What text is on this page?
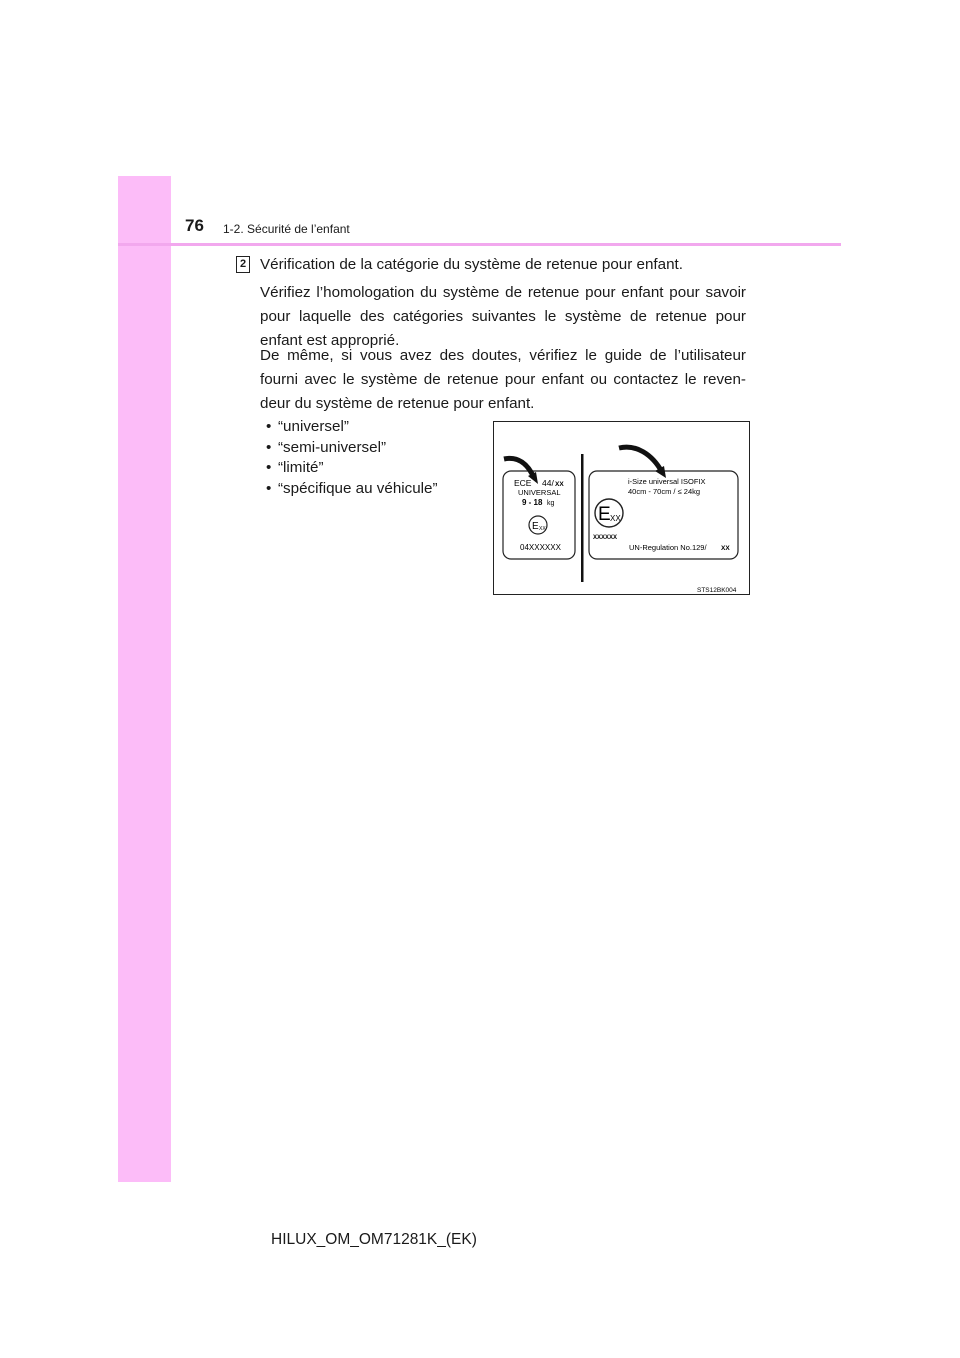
76 1-2. Sécurité de l’enfant
2 Vérification de la catégorie du système de retenue pour enfant.

Vérifiez l’homologation du système de retenue pour enfant pour savoir pour laquelle des catégories suivantes le système de retenue pour enfant est approprié.

De même, si vous avez des doutes, vérifiez le guide de l’utilisateur fourni avec le système de retenue pour enfant ou contactez le reven-deur du système de retenue pour enfant.

• “universel”
• “semi-universel”
• “limité”
• “spécifique au véhicule”	ECE 44/ XX
UNIVERSAL
9 - 18 kg
E XX
04XXXXXX
i-Size universal ISOFIX
40cm - 70cm / ≤ 24kg
E XX
XXXXXX
UN-Regulation No.129/ XX
STS12BK004
HILUX_OM_OM71281K_(EK)
